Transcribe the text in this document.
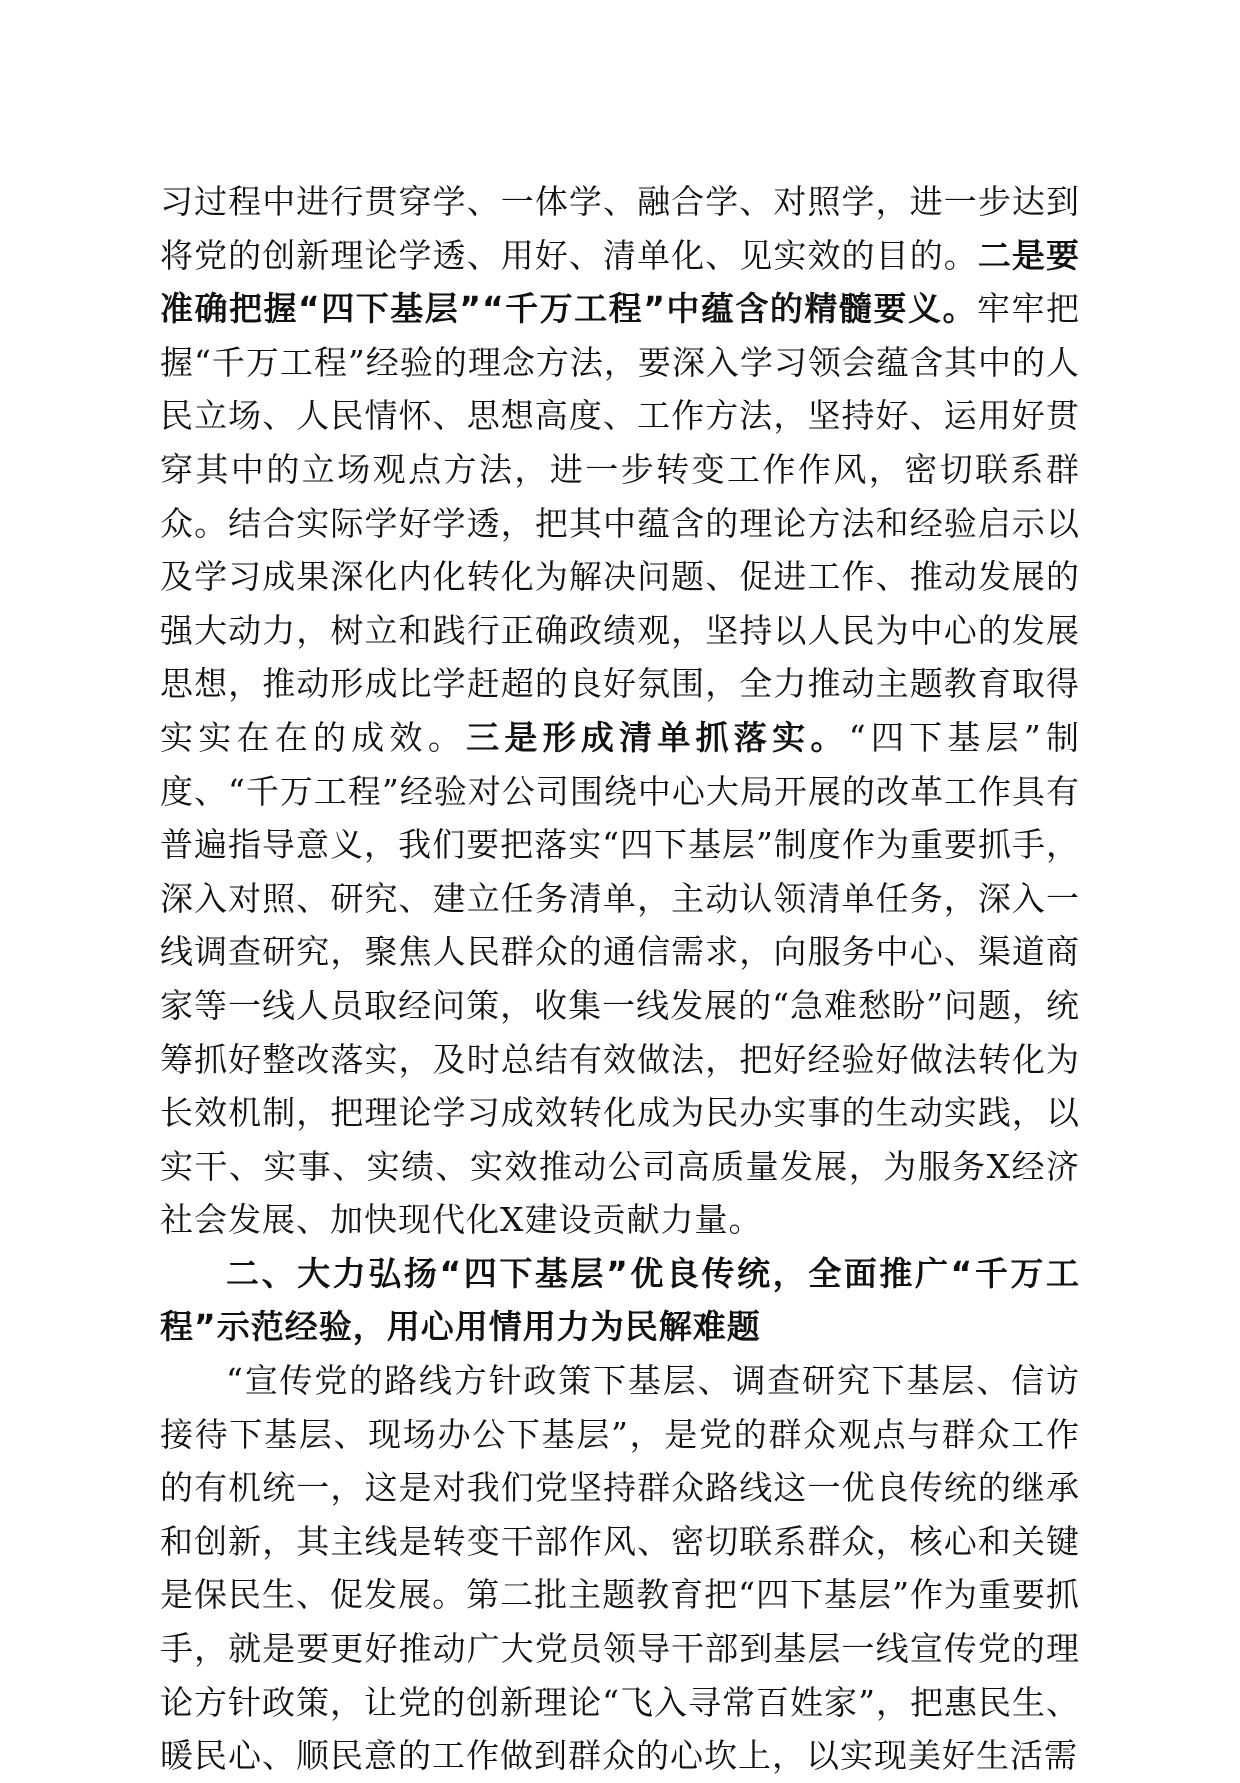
习过程中进行贯穿学、一体学、融合学、对照学，进一步达到将党的创新理论学透、用好、清单化、见实效的目的。二是要准确把握“四下基层”“千万工程”中蕴含的精髓要义。牢牢把握“千万工程”经验的理念方法，要深入学习领会蕴含其中的人民立场、人民情怀、思想高度、工作方法，坚持好、运用好贯穿其中的立场观点方法，进一步转变工作作风，密切联系群众。结合实际学好学透，把其中蕴含的理论方法和经验启示以及学习成果深化内化转化为解决问题、促进工作、推动发展的强大动力，树立和践行正确政绩观，坚持以人民为中心的发展思想，推动形成比学赶超的良好氛围，全力推动主题教育取得实实在在的成效。三是形成清单抓落实。“四下基层”制度、“千万工程”经验对公司围绕中心大局开展的改革工作具有普遍指导意义，我们要把落实“四下基层”制度作为重要抓手，深入对照、研究、建立任务清单，主动认领清单任务，深入一线调查研究，聚焦人民群众的通信需求，向服务中心、渠道商家等一线人员取经问策，收集一线发展的“急难愁盼”问题，统筹抓好整改落实，及时总结有效做法，把好经验好做法转化为长效机制，把理论学习成效转化成为民办实事的生动实践，以实干、实事、实绩、实效推动公司高质量发展，为服务X经济社会发展、加快现代化X建设贡献力量。

二、大力弘扬“四下基层”优良传统，全面推广“千万工程”示范经验，用心用情用力为民解难题

“宣传党的路线方针政策下基层、调查研究下基层、信访接待下基层、现场办公下基层”，是党的群众观点与群众工作的有机统一，这是对我们党坚持群众路线这一优良传统的继承和创新，其主线是转变干部作风、密切联系群众，核心和关键是保民生、促发展。第二批主题教育把“四下基层”作为重要抓手，就是要更好推动广大党员领导干部到基层一线宣传党的理论方针政策，让党的创新理论“飞入寻常百姓家”，把惠民生、暖民心、顺民意的工作做到群众的心坎上，以实现美好生活需
